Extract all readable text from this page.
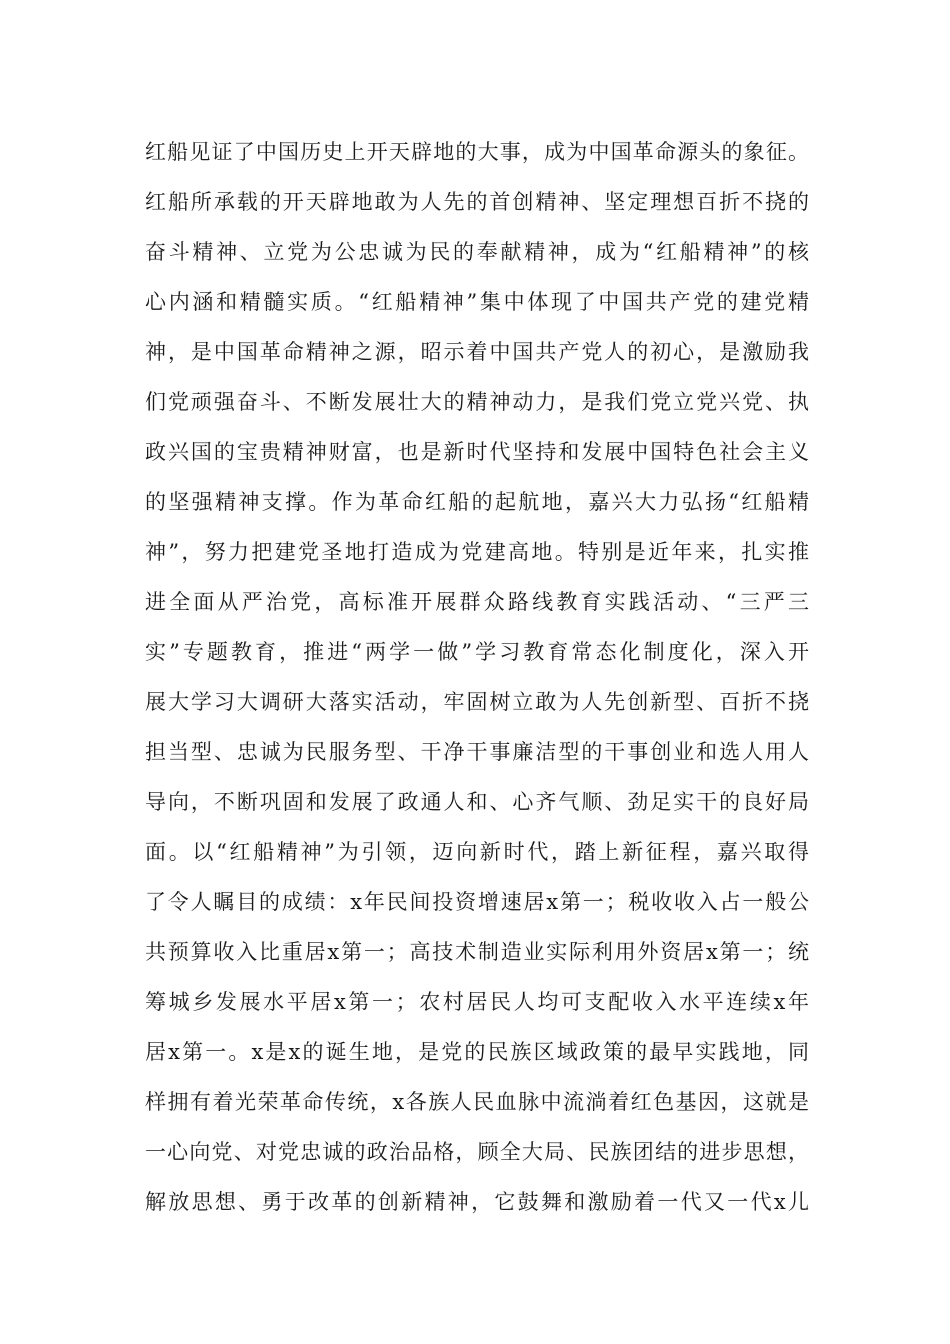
红船见证了中国历史上开天辟地的大事，成为中国革命源头的象征。

红船所承载的开天辟地敢为人先的首创精神、坚定理想百折不挠的

奋斗精神、立党为公忠诚为民的奉献精神，成为“红船精神”的核

心内涵和精髓实质。“红船精神”集中体现了中国共产党的建党精

神，是中国革命精神之源，昭示着中国共产党人的初心，是激励我

们党顽强奋斗、不断发展壮大的精神动力，是我们党立党兴党、执

政兴国的宝贵精神财富，也是新时代坚持和发展中国特色社会主义

的坚强精神支撑。作为革命红船的起航地，嘉兴大力弘扬“红船精

神”，努力把建党圣地打造成为党建高地。特别是近年来，扎实推

进全面从严治党，高标准开展群众路线教育实践活动、“三严三

实”专题教育，推进“两学一做”学习教育常态化制度化，深入开

展大学习大调研大落实活动，牢固树立敢为人先创新型、百折不挠

担当型、忠诚为民服务型、干净干事廉洁型的干事创业和选人用人

导向，不断巩固和发展了政通人和、心齐气顺、劲足实干的良好局

面。以“红船精神”为引领，迈向新时代，踏上新征程，嘉兴取得

了令人瞩目的成绩：x年民间投资增速居x第一；税收收入占一般公

共预算收入比重居x第一；高技术制造业实际利用外资居x第一；统

筹城乡发展水平居x第一；农村居民人均可支配收入水平连续x年

居x第一。x是x的诞生地，是党的民族区域政策的最早实践地，同

样拥有着光荣革命传统，x各族人民血脉中流淌着红色基因，这就是

一心向党、对党忠诚的政治品格，顾全大局、民族团结的进步思想，

解放思想、勇于改革的创新精神，它鼓舞和激励着一代又一代x儿
